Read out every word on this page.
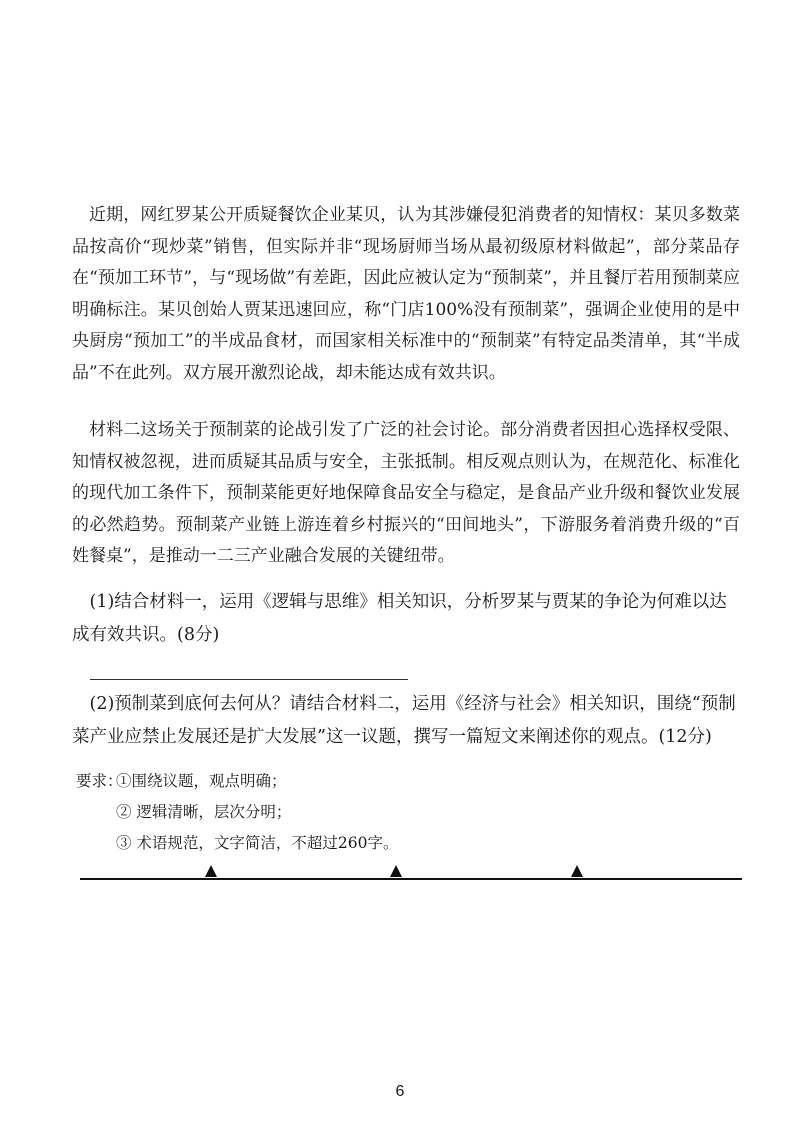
近期，网红罗某公开质疑餐饮企业某贝，认为其涉嫌侵犯消费者的知情权：某贝多数菜品按高价“现炒菜”销售，但实际并非“现场厨师当场从最初级原材料做起”，部分菜品存在“预加工环节”，与“现场做”有差距，因此应被认定为“预制菜”，并且餐厅若用预制菜应明确标注。某贝创始人贾某迅速回应，称“门店100%没有预制菜”，强调企业使用的是中央厨房“预加工”的半成品食材，而国家相关标准中的“预制菜”有特定品类清单，其“半成品”不在此列。双方展开激烈论战，却未能达成有效共识。

材料二这场关于预制菜的论战引发了广泛的社会讨论。部分消费者因担心选择权受限、知情权被忽视，进而质疑其品质与安全，主张抵制。相反观点则认为，在规范化、标准化的现代加工条件下，预制菜能更好地保障食品安全与稳定，是食品产业升级和餐饮业发展的必然趋势。预制菜产业链上游连着乡村振兴的“田间地头”，下游服务着消费升级的“百姓餐桌”，是推动一二三产业融合发展的关键纽带。

(1)结合材料一，运用《逻辑与思维》相关知识，分析罗某与贾某的争论为何难以达成有效共识。(8分)

(2)预制菜到底何去何从？请结合材料二，运用《经济与社会》相关知识，围绕“预制菜产业应禁止发展还是扩大发展”这一议题，撰写一篇短文来阐述你的观点。(12分)

要求：①围绕议题，观点明确；
② 逻辑清晰，层次分明；
③ 术语规范，文字简洁，不超过260字。
6
